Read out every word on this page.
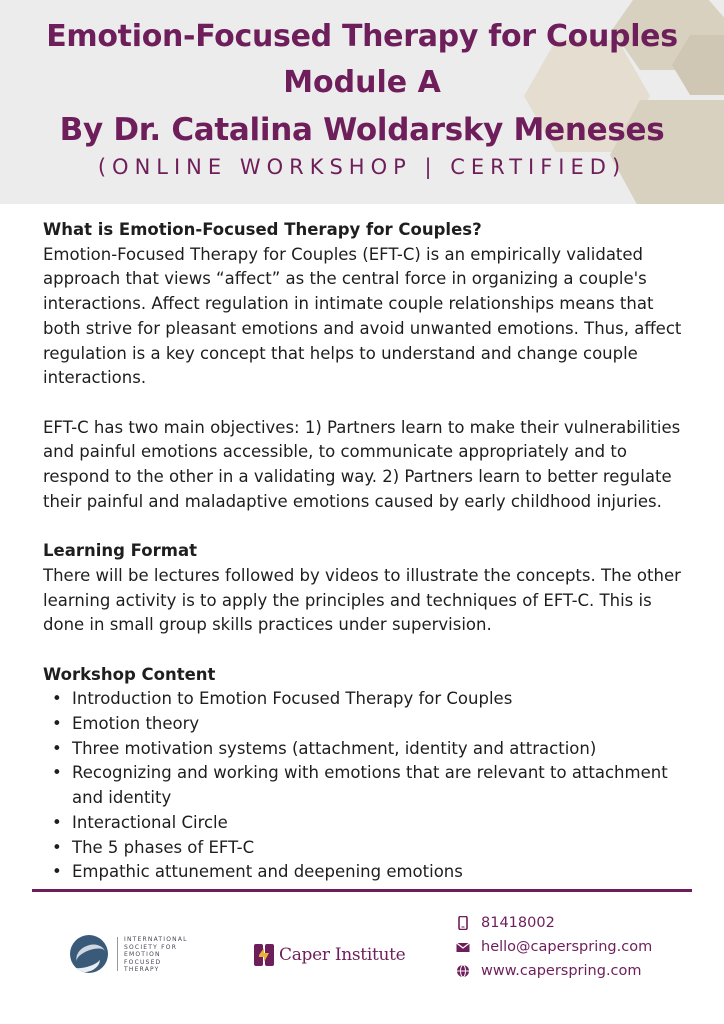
Emotion-Focused Therapy for Couples
Module A
By Dr. Catalina Woldarsky Meneses
(ONLINE WORKSHOP | CERTIFIED)
What is Emotion-Focused Therapy for Couples?

Emotion-Focused Therapy for Couples (EFT-C) is an empirically validated approach that views “affect” as the central force in organizing a couple's interactions. Affect regulation in intimate couple relationships means that both strive for pleasant emotions and avoid unwanted emotions. Thus, affect regulation is a key concept that helps to understand and change couple interactions.

EFT-C has two main objectives: 1) Partners learn to make their vulnerabilities and painful emotions accessible, to communicate appropriately and to respond to the other in a validating way. 2) Partners learn to better regulate their painful and maladaptive emotions caused by early childhood injuries.

Learning Format

There will be lectures followed by videos to illustrate the concepts. The other learning activity is to apply the principles and techniques of EFT-C. This is done in small group skills practices under supervision.

Workshop Content
• Introduction to Emotion Focused Therapy for Couples
• Emotion theory
• Three motivation systems (attachment, identity and attraction)
• Recognizing and working with emotions that are relevant to attachment and identity
• Interactional Circle
• The 5 phases of EFT-C
• Empathic attunement and deepening emotions
INTERNATIONAL
SOCIETY FOR
EMOTION
FOCUSED
THERAPY
Caper Institute
81418002
hello@caperspring.com
www.caperspring.com
